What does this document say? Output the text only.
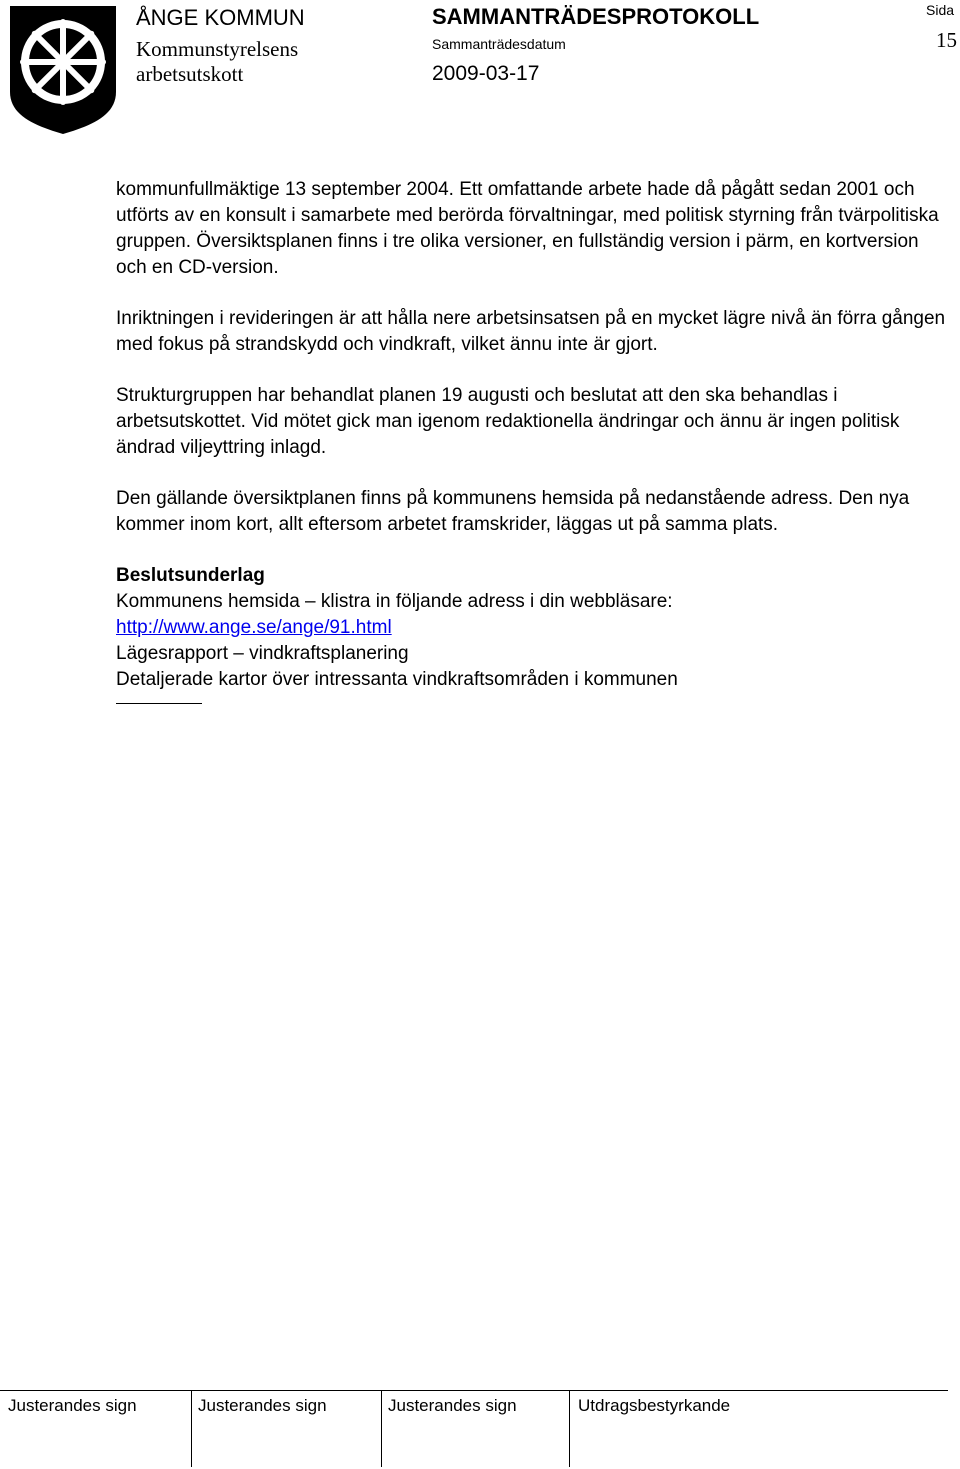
ÅNGE KOMMUN
Kommunstyrelsens
arbetsutskott
SAMMANTRÄDESPROTOKOLL
Sammanträdesdatum
2009-03-17
Sida
15

kommunfullmäktige 13 september 2004. Ett omfattande arbete hade då pågått sedan 2001 och utförts av en konsult i samarbete med berörda förvaltningar, med politisk styrning från tvärpolitiska gruppen. Översiktsplanen finns i tre olika versioner, en fullständig version i pärm, en kortversion och en CD-version.

Inriktningen i revideringen är att hålla nere arbetsinsatsen på en mycket lägre nivå än förra gången med fokus på strandskydd och vindkraft, vilket ännu inte är gjort.

Strukturgruppen har behandlat planen 19 augusti och beslutat att den ska behandlas i arbetsutskottet. Vid mötet gick man igenom redaktionella ändringar och ännu är ingen politisk ändrad viljeyttring inlagd.

Den gällande översiktplanen finns på kommunens hemsida på nedanstående adress. Den nya kommer inom kort, allt eftersom arbetet framskrider, läggas ut på samma plats.

Beslutsunderlag
Kommunens hemsida – klistra in följande adress i din webbläsare:
http://www.ange.se/ange/91.html
Lägesrapport – vindkraftsplanering
Detaljerade kartor över intressanta vindkraftsområden i kommunen
Justerandes sign	Justerandes sign	Justerandes sign	Utdragsbestyrkande
